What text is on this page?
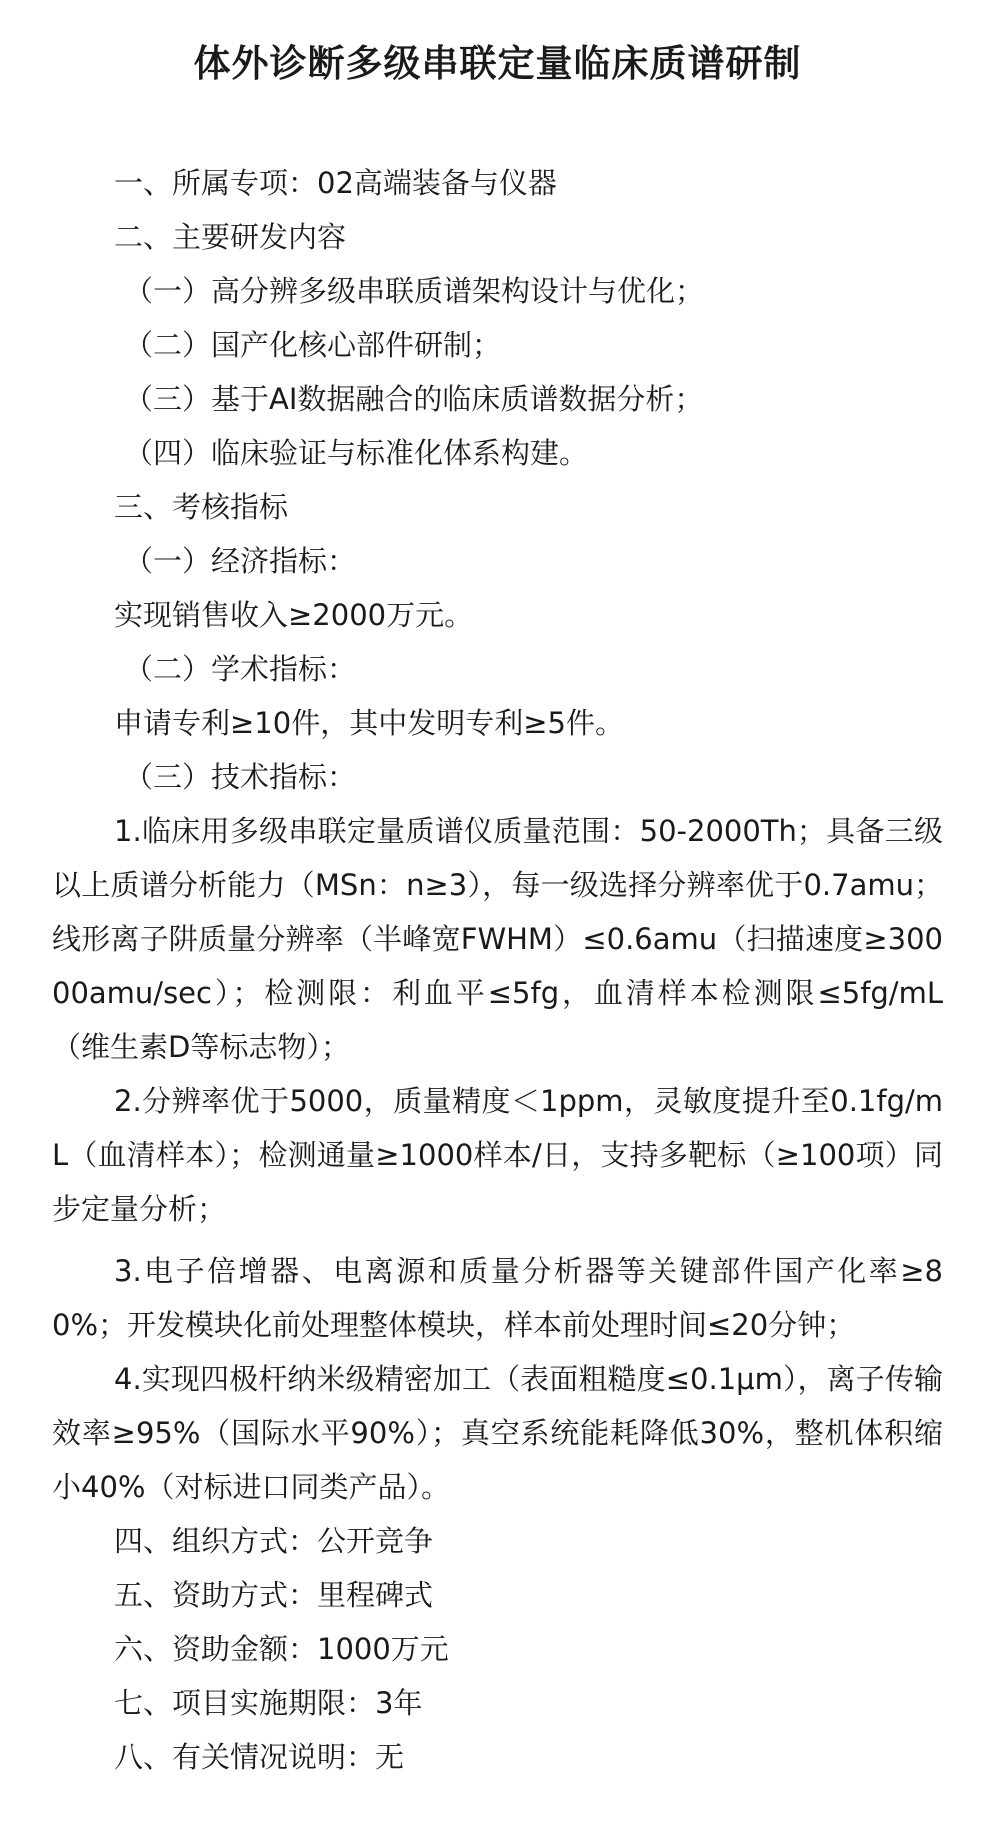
体外诊断多级串联定量临床质谱研制
一、所属专项：02高端装备与仪器
二、主要研发内容
（一）高分辨多级串联质谱架构设计与优化；
（二）国产化核心部件研制；
（三）基于AI数据融合的临床质谱数据分析；
（四）临床验证与标准化体系构建。
三、考核指标
（一）经济指标：
实现销售收入≥2000万元。
（二）学术指标：
申请专利≥10件，其中发明专利≥5件。
（三）技术指标：

1.临床用多级串联定量质谱仪质量范围：50-2000Th；具备三级以上质谱分析能力（MSn：n≥3），每一级选择分辨率优于0.7amu；线形离子阱质量分辨率（半峰宽FWHM）≤0.6amu（扫描速度≥30000amu/sec）；检测限：利血平≤5fg，血清样本检测限≤5fg/mL（维生素D等标志物）；

2.分辨率优于5000，质量精度＜1ppm，灵敏度提升至0.1fg/mL（血清样本）；检测通量≥1000样本/日，支持多靶标（≥100项）同步定量分析；

3.电子倍增器、电离源和质量分析器等关键部件国产化率≥80%；开发模块化前处理整体模块，样本前处理时间≤20分钟；

4.实现四极杆纳米级精密加工（表面粗糙度≤0.1μm），离子传输效率≥95%（国际水平90%）；真空系统能耗降低30%，整机体积缩小40%（对标进口同类产品）。

四、组织方式：公开竞争
五、资助方式：里程碑式
六、资助金额：1000万元
七、项目实施期限：3年
八、有关情况说明：无
